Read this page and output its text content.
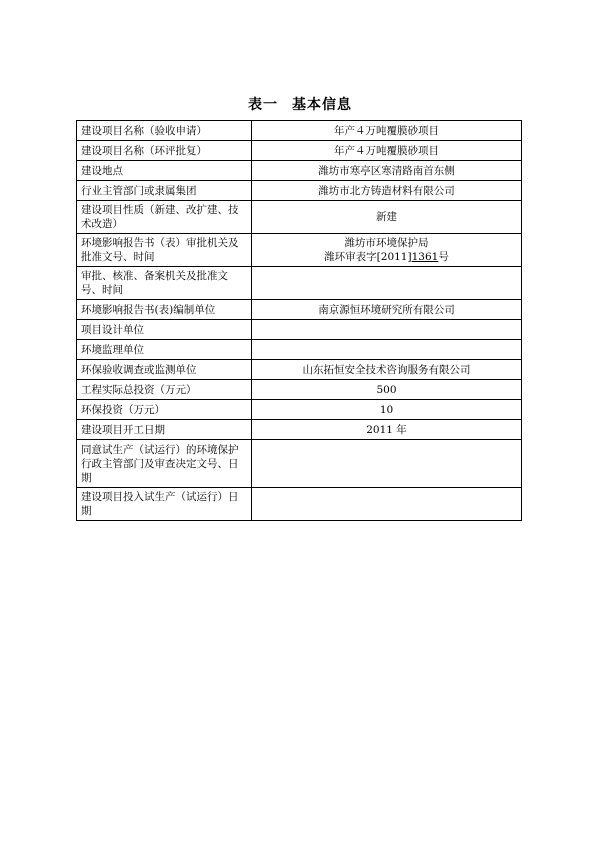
表一 基本信息
建设项目名称（验收申请）	年产４万吨覆膜砂项目
建设项目名称（环评批复）	年产４万吨覆膜砂项目
建设地点	潍坊市寒亭区寒清路南首东侧
行业主管部门或隶属集团	潍坊市北方铸造材料有限公司
建设项目性质（新建、改扩建、技术改造）	新建
环境影响报告书（表）审批机关及批准文号、时间	潍坊市环境保护局
潍环审表字[2011]1361号

审批、核准、备案机关及批准文号、时间	
环境影响报告书(表)编制单位	南京源恒环境研究所有限公司
项目设计单位	
环境监理单位	
环保验收调查或监测单位	山东拓恒安全技术咨询服务有限公司
工程实际总投资（万元）	500
环保投资（万元）	10
建设项目开工日期	2011 年
同意试生产（试运行）的环境保护行政主管部门及审查决定文号、日期	
建设项目投入试生产（试运行）日期	
